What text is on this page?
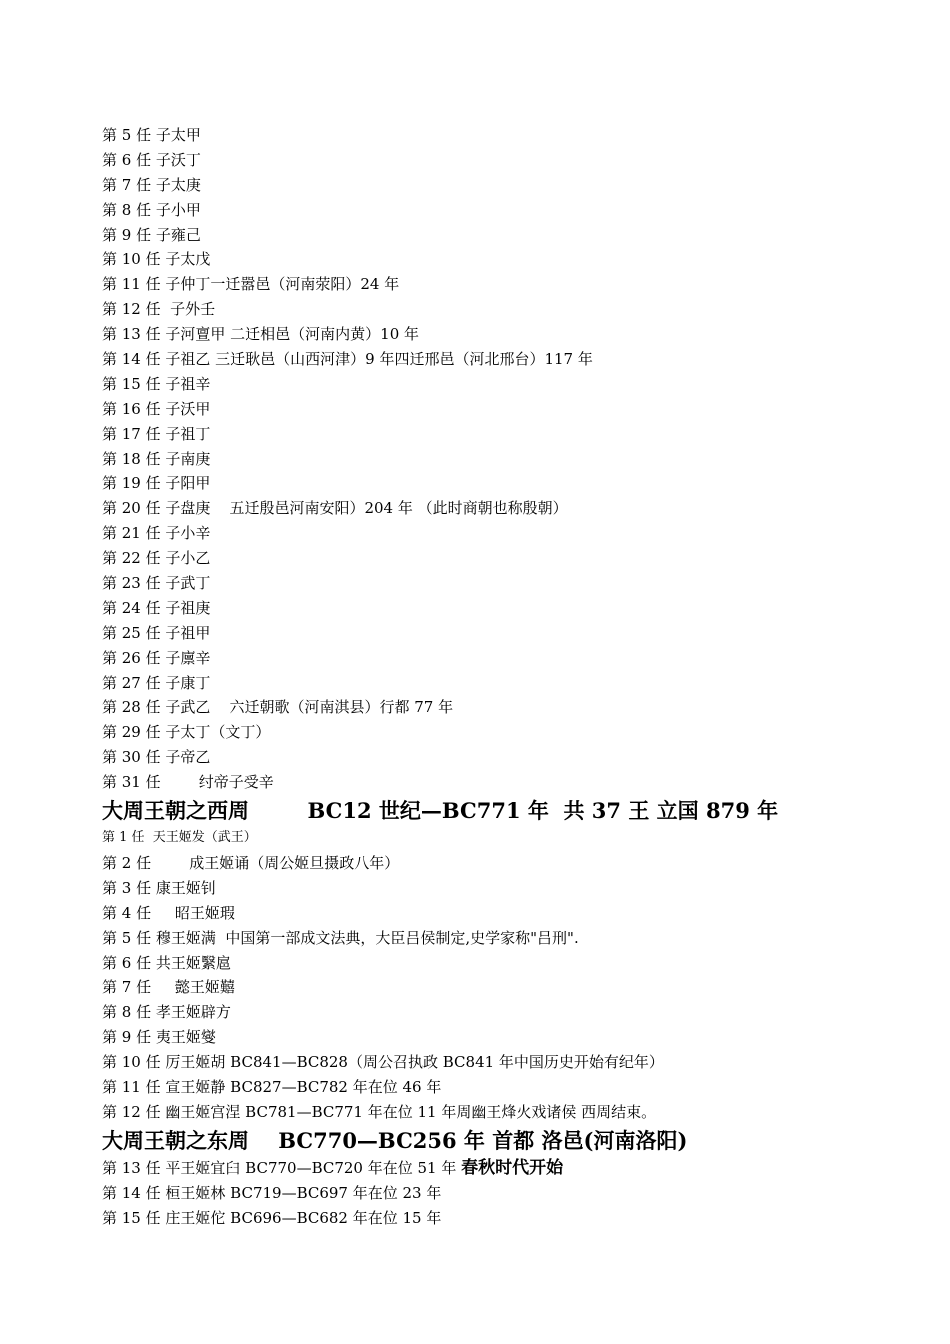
第 5 任 子太甲
第 6 任 子沃丁
第 7 任 子太庚
第 8 任 子小甲
第 9 任 子雍己
第 10 任 子太戊
第 11 任 子仲丁一迁嚣邑（河南荥阳）24 年
第 12 任  子外壬
第 13 任 子河亶甲 二迁相邑（河南内黄）10 年
第 14 任 子祖乙 三迁耿邑（山西河津）9 年四迁邢邑（河北邢台）117 年
第 15 任 子祖辛
第 16 任 子沃甲
第 17 任 子祖丁
第 18 任 子南庚
第 19 任 子阳甲
第 20 任 子盘庚    五迁殷邑河南安阳）204 年 （此时商朝也称殷朝）
第 21 任 子小辛
第 22 任 子小乙
第 23 任 子武丁
第 24 任 子祖庚
第 25 任 子祖甲
第 26 任 子廪辛
第 27 任 子康丁
第 28 任 子武乙    六迁朝歌（河南淇县）行都 77 年
第 29 任 子太丁（文丁）
第 30 任 子帝乙
第 31 任        纣帝子受辛
大周王朝之西周        BC12 世纪—BC771 年  共 37 王 立国 879 年
第 1 任  天王姬发（武王）
第 2 任        成王姬诵（周公姬旦摄政八年）
第 3 任 康王姬钊
第 4 任     昭王姬瑕
第 5 任 穆王姬满  中国第一部成文法典，大臣吕侯制定,史学家称"吕刑".
第 6 任 共王姬繄扈
第 7 任     懿王姬囏
第 8 任 孝王姬辟方
第 9 任 夷王姬燮
第 10 任 厉王姬胡 BC841—BC828（周公召执政 BC841 年中国历史开始有纪年）
第 11 任 宣王姬静 BC827—BC782 年在位 46 年
第 12 任 幽王姬宫涅 BC781—BC771 年在位 11 年周幽王烽火戏诸侯 西周结束。
大周王朝之东周    BC770—BC256 年 首都 洛邑(河南洛阳)
第 13 任 平王姬宜臼 BC770—BC720 年在位 51 年 春秋时代开始
第 14 任 桓王姬林 BC719—BC697 年在位 23 年
第 15 任 庄王姬佗 BC696—BC682 年在位 15 年
